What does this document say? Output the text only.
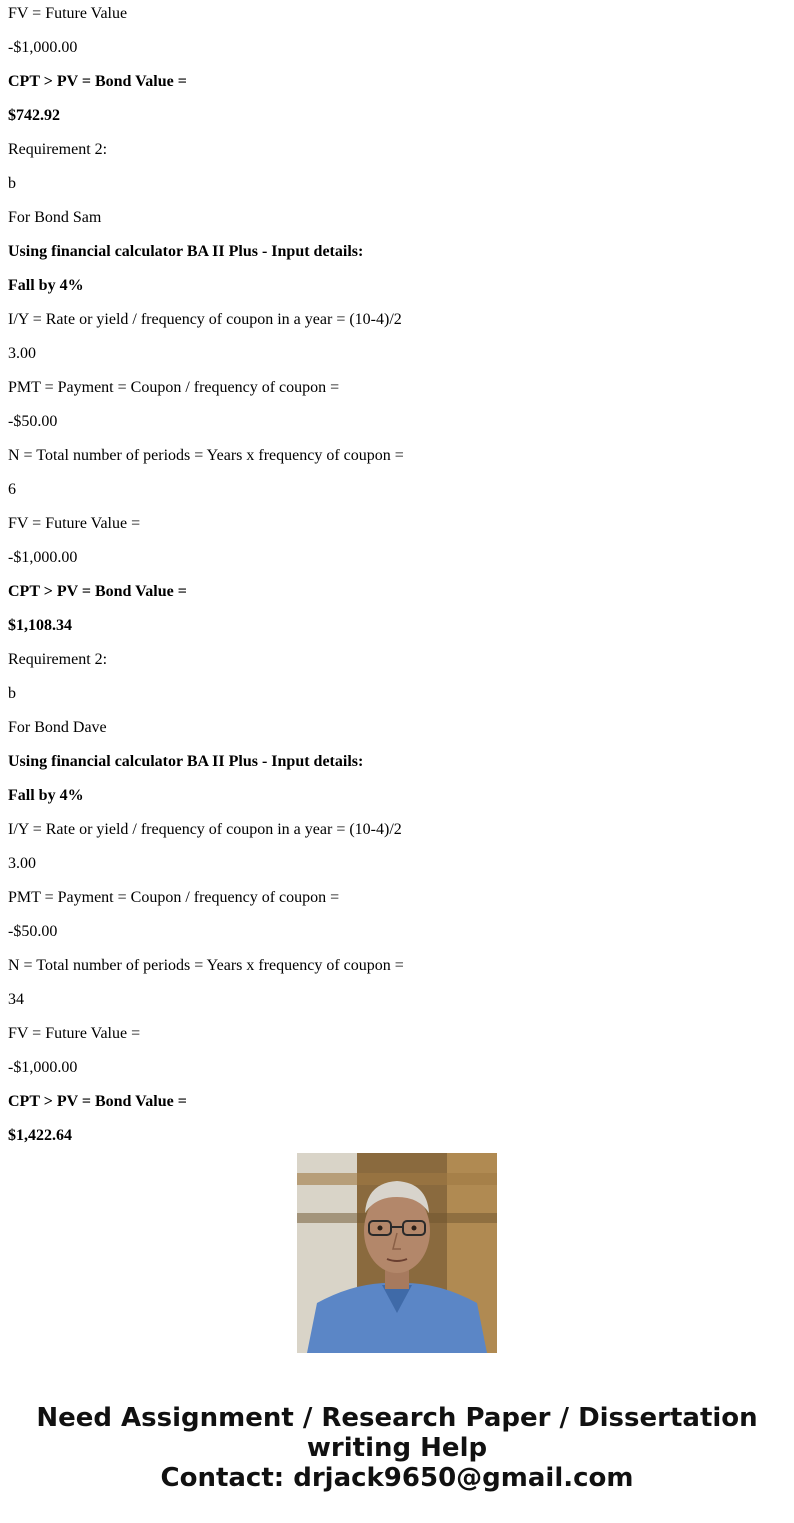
FV = Future Value

-$1,000.00

CPT > PV = Bond Value =

$742.92

Requirement 2:

b

For Bond Sam

Using financial calculator BA II Plus - Input details:

Fall by 4%

I/Y = Rate or yield / frequency of coupon in a year = (10-4)/2

3.00

PMT = Payment = Coupon / frequency of coupon =

-$50.00

N = Total number of periods = Years x frequency of coupon =

6

FV = Future Value =

-$1,000.00

CPT > PV = Bond Value =

$1,108.34

Requirement 2:

b

For Bond Dave

Using financial calculator BA II Plus - Input details:

Fall by 4%

I/Y = Rate or yield / frequency of coupon in a year = (10-4)/2

3.00

PMT = Payment = Coupon / frequency of coupon =

-$50.00

N = Total number of periods = Years x frequency of coupon =

34

FV = Future Value =

-$1,000.00

CPT > PV = Bond Value =

$1,422.64

Need Assignment / Research Paper / Dissertation
writing Help
Contact: drjack9650@gmail.com
